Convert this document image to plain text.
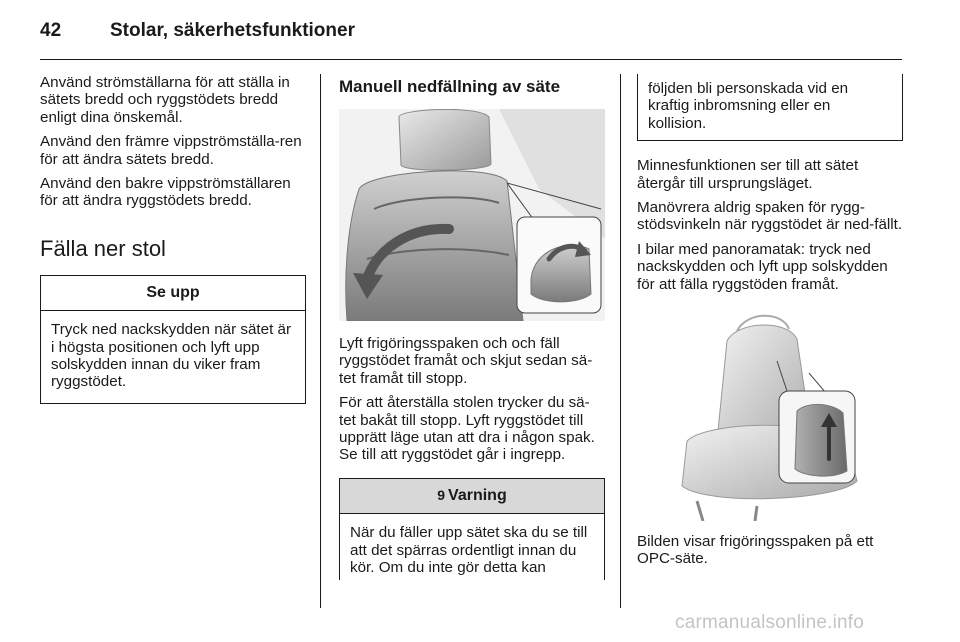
42	Stolar, säkerhetsfunktioner

Använd strömställarna för att ställa in sätets bredd och ryggstödets bredd enligt dina önskemål.

Använd den främre vippströmställa-ren för att ändra sätets bredd.

Använd den bakre vippströmställaren för att ändra ryggstödets bredd.

Fälla ner stol
Se upp
Tryck ned nackskydden när sätet är i högsta positionen och lyft upp solskydden innan du viker fram ryggstödet.
Manuell nedfällning av säte

Lyft frigöringsspaken och och fäll ryggstödet framåt och skjut sedan sä-tet framåt till stopp.

För att återställa stolen trycker du sä-tet bakåt till stopp. Lyft ryggstödet till upprätt läge utan att dra i någon spak. Se till att ryggstödet går i ingrepp.

9 Varning
När du fäller upp sätet ska du se till att det spärras ordentligt innan du kör. Om du inte gör detta kan
följden bli personskada vid en kraftig inbromsning eller en kollision.

Minnesfunktionen ser till att sätet återgår till ursprungsläget.

Manövrera aldrig spaken för rygg-stödsvinkeln när ryggstödet är ned-fällt.

I bilar med panoramatak: tryck ned nackskydden och lyft upp solskydden för att fälla ryggstöden framåt.

Bilden visar frigöringsspaken på ett OPC-säte.

carmanualsonline.info
